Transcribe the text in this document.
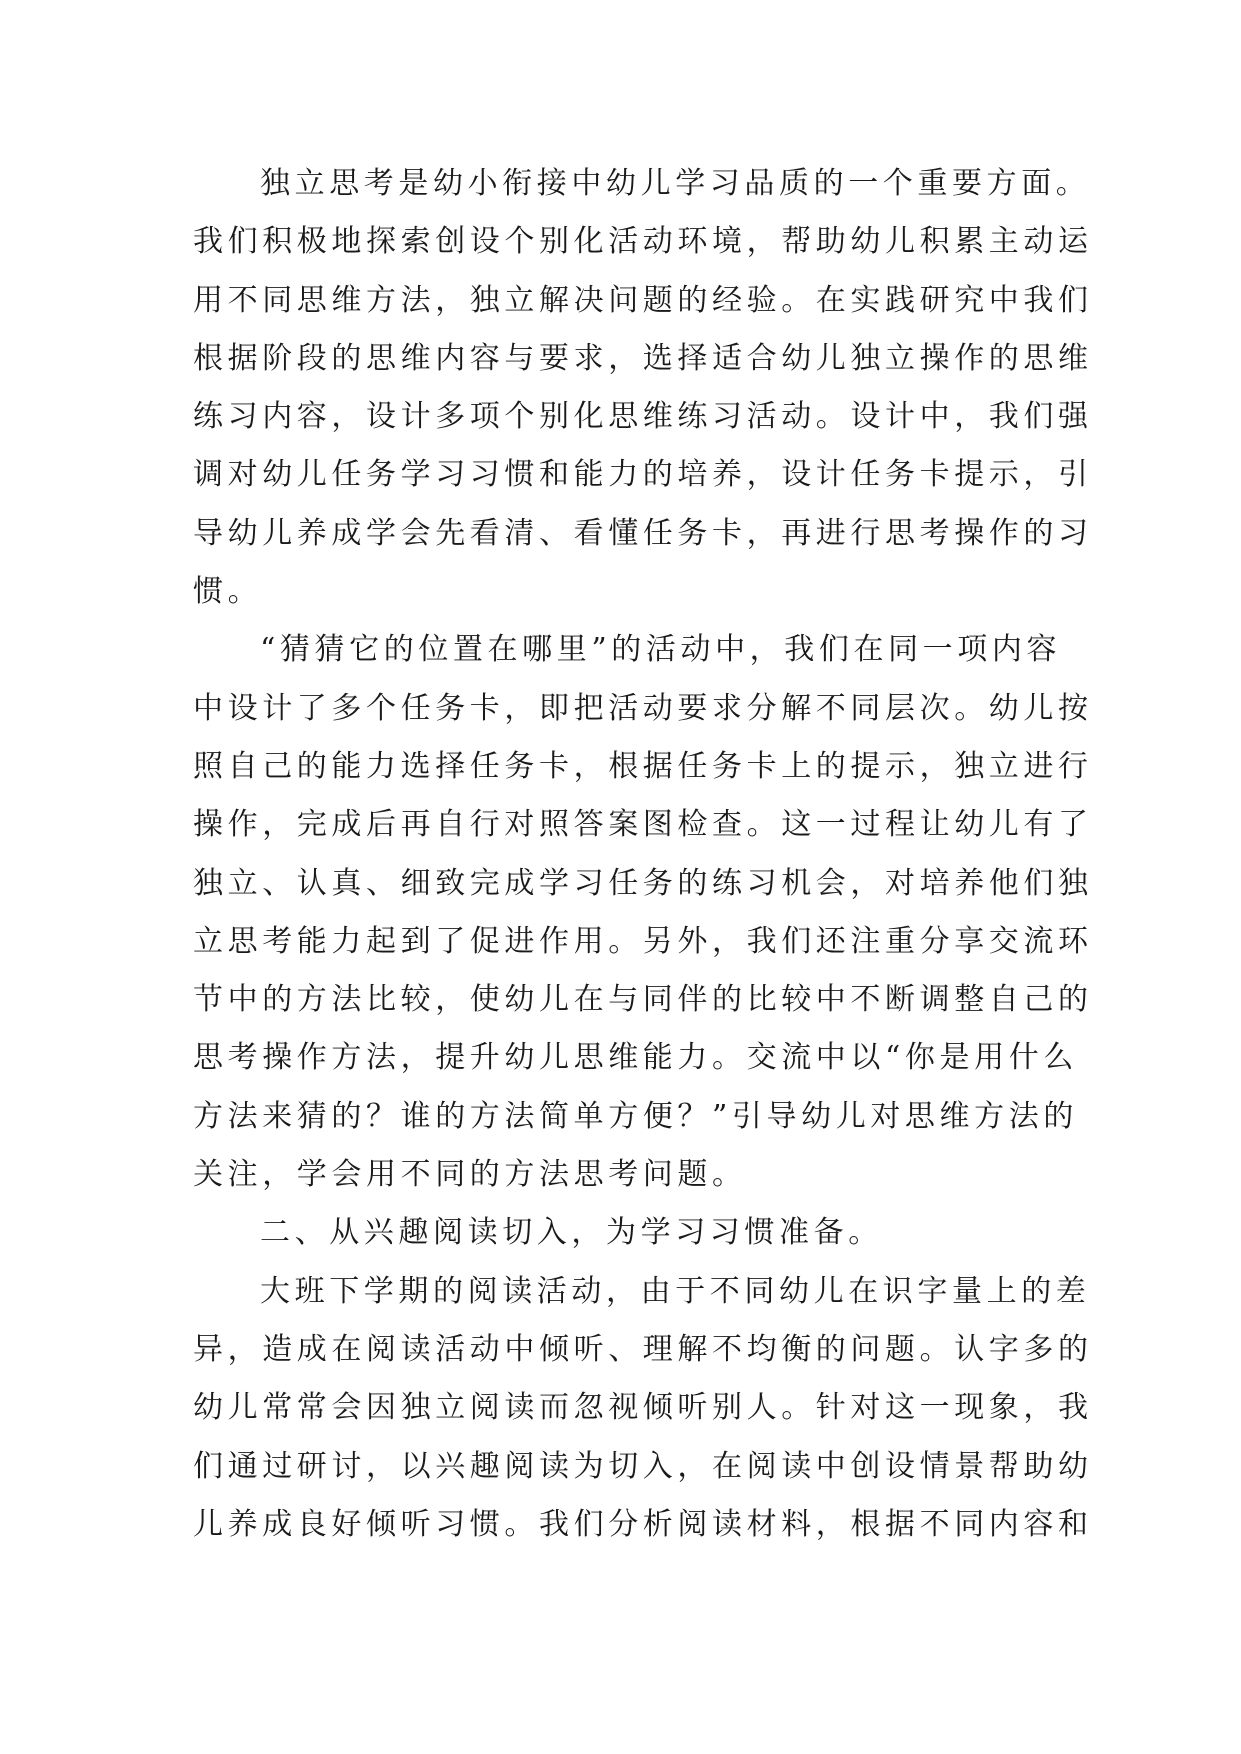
独立思考是幼小衔接中幼儿学习品质的一个重要方面。
我们积极地探索创设个别化活动环境，帮助幼儿积累主动运
用不同思维方法，独立解决问题的经验。在实践研究中我们
根据阶段的思维内容与要求，选择适合幼儿独立操作的思维
练习内容，设计多项个别化思维练习活动。设计中，我们强
调对幼儿任务学习习惯和能力的培养，设计任务卡提示，引
导幼儿养成学会先看清、看懂任务卡，再进行思考操作的习
惯。
“猜猜它的位置在哪里”的活动中，我们在同一项内容
中设计了多个任务卡，即把活动要求分解不同层次。幼儿按
照自己的能力选择任务卡，根据任务卡上的提示，独立进行
操作，完成后再自行对照答案图检查。这一过程让幼儿有了
独立、认真、细致完成学习任务的练习机会，对培养他们独
立思考能力起到了促进作用。另外，我们还注重分享交流环
节中的方法比较，使幼儿在与同伴的比较中不断调整自己的
思考操作方法，提升幼儿思维能力。交流中以“你是用什么
方法来猜的？谁的方法简单方便？”引导幼儿对思维方法的
关注，学会用不同的方法思考问题。
二、从兴趣阅读切入，为学习习惯准备。
大班下学期的阅读活动，由于不同幼儿在识字量上的差
异，造成在阅读活动中倾听、理解不均衡的问题。认字多的
幼儿常常会因独立阅读而忽视倾听别人。针对这一现象，我
们通过研讨，以兴趣阅读为切入，在阅读中创设情景帮助幼
儿养成良好倾听习惯。我们分析阅读材料，根据不同内容和
